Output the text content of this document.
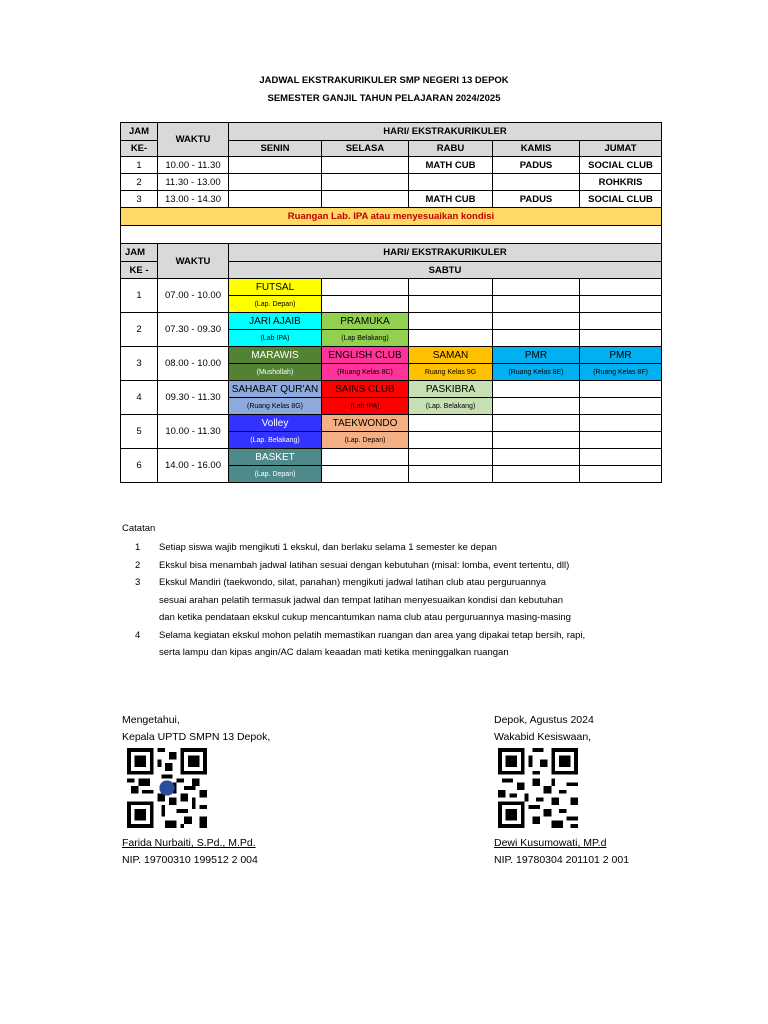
JADWAL EKSTRAKURIKULER SMP NEGERI 13 DEPOK
SEMESTER GANJIL TAHUN PELAJARAN 2024/2025
JAM	WAKTU	HARI/ EKSTRAKURIKULER				
KE-		SENIN	SELASA	RABU	KAMIS	JUMAT
1	10.00 - 11.30			MATH CUB	PADUS	SOCIAL CLUB
2	11.30 - 13.00					ROHKRIS
3	13.00 - 14.30			MATH CUB	PADUS	SOCIAL CLUB
Ruangan Lab. IPA atau menyesuaikan kondisi						

JAM	WAKTU	HARI/ EKSTRAKURIKULER				
KE -		SABTU				
1	07.00 - 10.00	FUTSAL				
		(Lap. Depan)				
2	07.30 - 09.30	JARI AJAIB	PRAMUKA			
		(Lab IPA)	(Lap Belakang)			
3	08.00 - 10.00	MARAWIS	ENGLISH CLUB	SAMAN	PMR	PMR
		(Mushollah)	(Ruang Kelas 8C)	Ruang Kelas 9G	(Ruang Kelas 8E)	(Ruang Kelas 8F)
4	09.30 - 11.30	SAHABAT QUR'AN	SAINS CLUB	PASKIBRA		
		(Ruang Kelas 8G)	(Lab IPA)	(Lap. Belakang)		
5	10.00 - 11.30	Volley	TAEKWONDO			
		(Lap. Belakang)	(Lap. Depan)			
6	14.00 - 16.00	BASKET				
		(Lap. Depan)				
Catatan
1 Setiap siswa wajib mengikuti 1 ekskul, dan berlaku selama 1 semester ke depan
2 Ekskul bisa menambah jadwal latihan sesuai dengan kebutuhan (misal: lomba, event tertentu, dll)
3 Ekskul Mandiri (taekwondo, silat, panahan) mengikuti jadwal latihan club atau perguruannya
sesuai arahan pelatih termasuk jadwal dan tempat latihan menyesuaikan kondisi dan kebutuhan
dan ketika pendataan ekskul cukup mencantumkan nama club atau perguruannya masing-masing
4 Selama kegiatan ekskul mohon pelatih memastikan ruangan dan area yang dipakai tetap bersih, rapi,
serta lampu dan kipas angin/AC dalam keaadan mati ketika meninggalkan ruangan
Mengetahui,
Kepala UPTD SMPN 13 Depok,
Farida Nurbaiti, S.Pd., M.Pd.
NIP. 19700310 199512 2 004
Depok, Agustus 2024
Wakabid Kesiswaan,
Dewi Kusumowati, MP.d
NIP. 19780304 201101 2 001
